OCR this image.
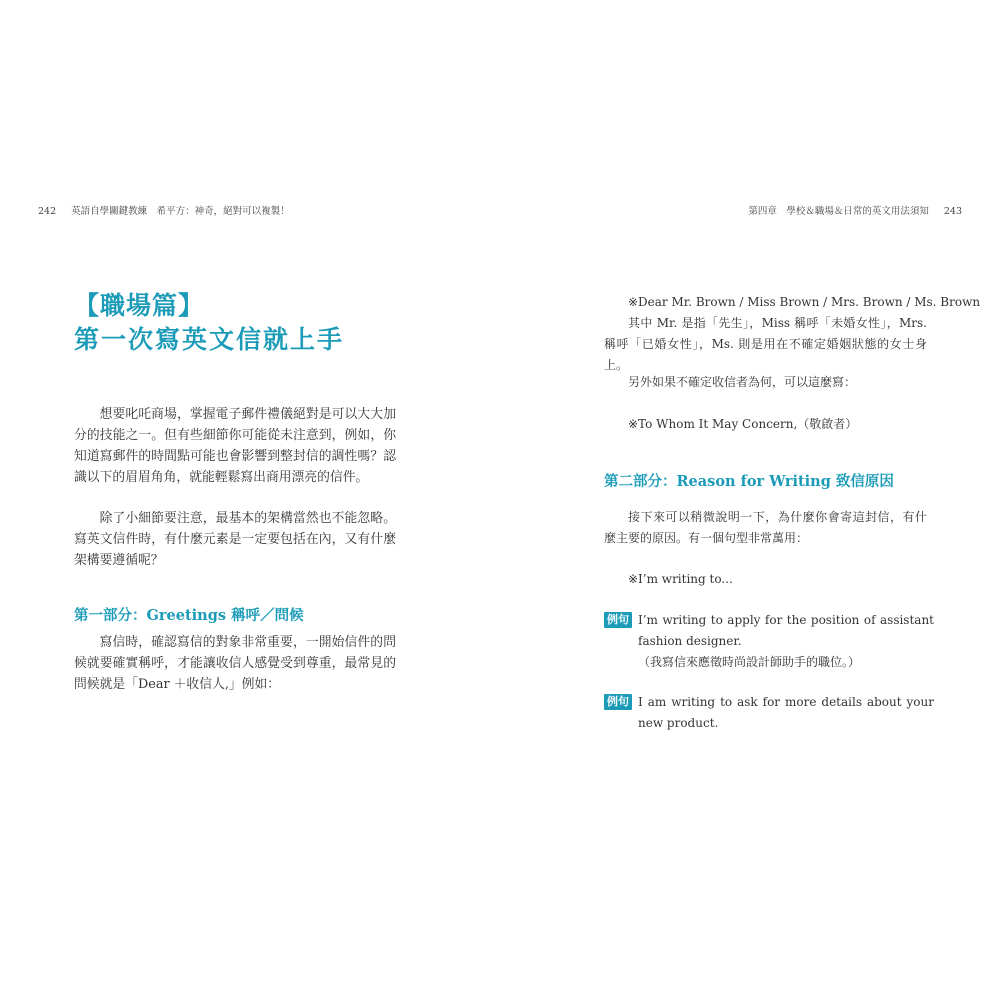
242 英語自學關鍵教練　希平方：神奇，絕對可以複製！
【職場篇】
第一次寫英文信就上手

想要叱吒商場，掌握電子郵件禮儀絕對是可以大大加分的技能之一。但有些細節你可能從未注意到，例如，你知道寫郵件的時間點可能也會影響到整封信的調性嗎？認識以下的眉眉角角，就能輕鬆寫出商用漂亮的信件。

除了小細節要注意，最基本的架構當然也不能忽略。寫英文信件時，有什麼元素是一定要包括在內，又有什麼架構要遵循呢？

第一部分：Greetings 稱呼／問候

寫信時，確認寫信的對象非常重要，一開始信件的問候就要確實稱呼，才能讓收信人感覺受到尊重，最常見的問候就是「Dear ＋收信人,」例如：

第四章　學校＆職場＆日常的英文用法須知 243

※Dear Mr. Brown / Miss Brown / Mrs. Brown / Ms. Brown

其中 Mr. 是指「先生」，Miss 稱呼「未婚女性」，Mrs. 稱呼「已婚女性」，Ms. 則是用在不確定婚姻狀態的女士身上。

另外如果不確定收信者為何，可以這麼寫：

※To Whom It May Concern,（敬啟者）

第二部分：Reason for Writing 致信原因

接下來可以稍微說明一下，為什麼你會寄這封信，有什麼主要的原因。有一個句型非常萬用：

※I’m writing to...

例句 I’m writing to apply for the position of assistant fashion designer.
（我寫信來應徵時尚設計師助手的職位。）
例句 I am writing to ask for more details about your new product.
